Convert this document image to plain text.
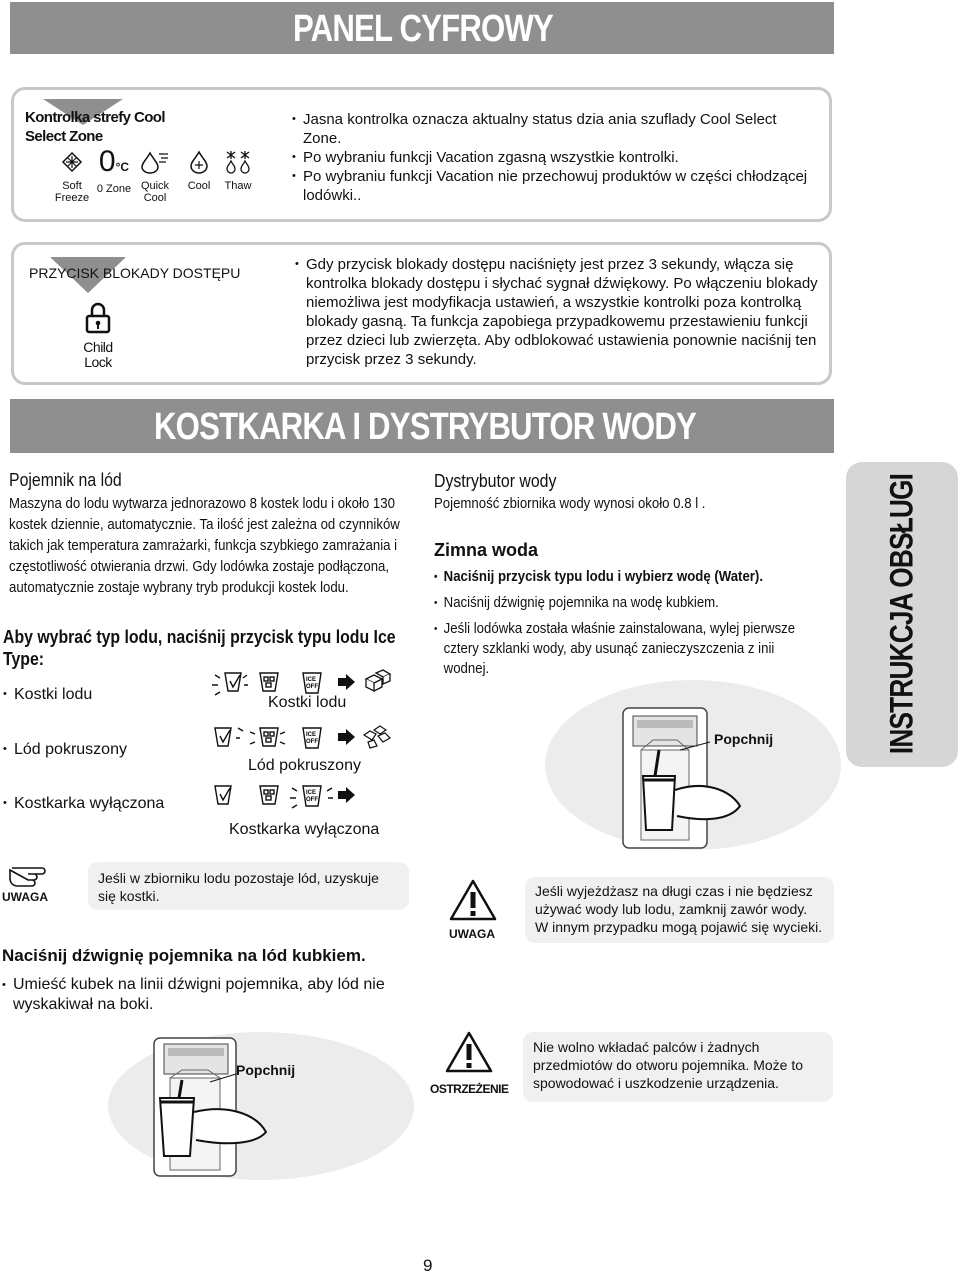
PANEL CYFROWY
Kontrolka strefy Cool Select Zone
Soft Freeze
0°C
0 Zone Quick Cool
Cool	Thaw
• Jasna kontrolka oznacza aktualny status dzia ania szuflady Cool Select Zone.
• Po wybraniu funkcji Vacation zgasną wszystkie kontrolki.
• Po wybraniu funkcji Vacation nie przechowuj produktów w części chłodzącej lodówki..
PRZYCISK BLOKADY DOSTĘPU
Child
Lock
• Gdy przycisk blokady dostępu naciśnięty jest przez 3 sekundy, włącza się kontrolka blokady dostępu i słychać sygnał dźwiękowy. Po włączeniu blokady niemożliwa jest modyfikacja ustawień, a wszystkie kontrolki poza kontrolką blokady gasną. Ta funkcja zapobiega przypadkowemu przestawieniu funkcji przez dzieci lub zwierzęta. Aby odblokować ustawienia ponownie naciśnij ten przycisk przez 3 sekundy.
KOSTKARKA I DYSTRYBUTOR WODY
Pojemnik na lód
Maszyna do lodu wytwarza jednorazowo 8 kostek lodu i około 130 kostek dziennie, automatycznie. Ta ilość jest zależna od czynników takich jak temperatura zamrażarki, funkcja szybkiego zamrażania i częstotliwość otwierania drzwi. Gdy lodówka zostaje podłączona, automatycznie zostaje wybrany tryb produkcji kostek lodu.
Aby wybrać typ lodu, naciśnij przycisk typu lodu Ice Type:
• Kostki lodu
• Lód pokruszony
• Kostkarka wyłączona
ICE
OFF
Kostki lodu
ICE
OFF
Lód pokruszony
ICE
OFF
Kostkarka wyłączona
Dystrybutor wody
Pojemność zbiornika wody wynosi około 0.8 l .
Zimna woda
• Naciśnij przycisk typu lodu i wybierz wodę (Water).
• Naciśnij dźwignię pojemnika na wodę kubkiem.
• Jeśli lodówka została właśnie zainstalowana, wylej pierwsze cztery szklanki wody, aby usunąć zanieczyszczenia z inii wodnej.
Popchnij	INSTRUKCJA OBSŁUGI
UWAGA
Jeśli w zbiorniku lodu pozostaje lód, uzyskuje się kostki.
Naciśnij dźwignię pojemnika na lód kubkiem.
• Umieść kubek na linii dźwigni pojemnika, aby lód nie wyskakiwał na boki.
Popchnij
UWAGA
Jeśli wyjeżdżasz na długi czas i nie będziesz używać wody lub lodu, zamknij zawór wody. W innym przypadku mogą pojawić się wycieki.
OSTRZEŻENIE
Nie wolno wkładać palców i żadnych przedmiotów do otworu pojemnika. Może to spowodować i uszkodzenie urządzenia.
9
